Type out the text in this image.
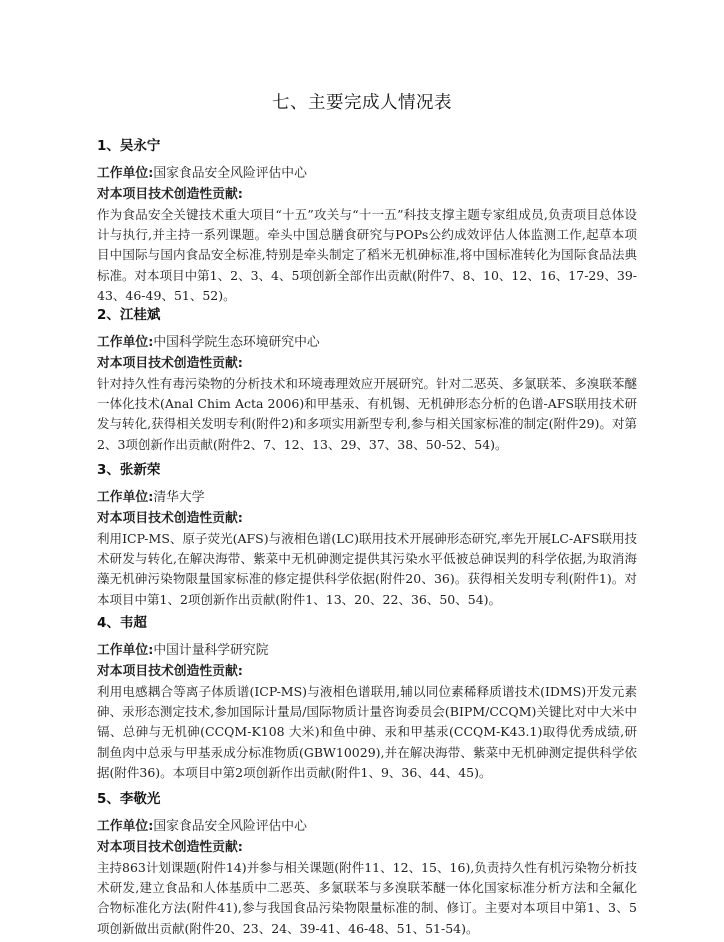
七、主要完成人情况表
1、吴永宁
工作单位:国家食品安全风险评估中心
对本项目技术创造性贡献:
作为食品安全关键技术重大项目“十五”攻关与“十一五”科技支撑主题专家组成员,负责项目总体设计与执行,并主持一系列课题。牵头中国总膳食研究与POPs公约成效评估人体监测工作,起草本项目中国际与国内食品安全标准,特别是牵头制定了稻米无机砷标准,将中国标准转化为国际食品法典标准。对本项目中第1、2、3、4、5项创新全部作出贡献(附件7、8、10、12、16、17-29、39-43、46-49、51、52)。
2、江桂斌
工作单位:中国科学院生态环境研究中心
对本项目技术创造性贡献:
针对持久性有毒污染物的分析技术和环境毒理效应开展研究。针对二恶英、多氯联苯、多溴联苯醚一体化技术(Anal Chim Acta 2006)和甲基汞、有机锡、无机砷形态分析的色谱-AFS联用技术研发与转化,获得相关发明专利(附件2)和多项实用新型专利,参与相关国家标准的制定(附件29)。对第2、3项创新作出贡献(附件2、7、12、13、29、37、38、50-52、54)。
3、张新荣
工作单位:清华大学
对本项目技术创造性贡献:
利用ICP-MS、原子荧光(AFS)与液相色谱(LC)联用技术开展砷形态研究,率先开展LC-AFS联用技术研发与转化,在解决海带、紫菜中无机砷测定提供其污染水平低被总砷误判的科学依据,为取消海藻无机砷污染物限量国家标准的修定提供科学依据(附件20、36)。获得相关发明专利(附件1)。对本项目中第1、2项创新作出贡献(附件1、13、20、22、36、50、54)。
4、韦超
工作单位:中国计量科学研究院
对本项目技术创造性贡献:
利用电感耦合等离子体质谱(ICP-MS)与液相色谱联用,辅以同位素稀释质谱技术(IDMS)开发元素砷、汞形态测定技术,参加国际计量局/国际物质计量咨询委员会(BIPM/CCQM)关键比对中大米中镉、总砷与无机砷(CCQM-K108 大米)和鱼中砷、汞和甲基汞(CCQM-K43.1)取得优秀成绩,研制鱼肉中总汞与甲基汞成分标准物质(GBW10029),并在解决海带、紫菜中无机砷测定提供科学依据(附件36)。本项目中第2项创新作出贡献(附件1、9、36、44、45)。
5、李敬光
工作单位:国家食品安全风险评估中心
对本项目技术创造性贡献:
主持863计划课题(附件14)并参与相关课题(附件11、12、15、16),负责持久性有机污染物分析技术研发,建立食品和人体基质中二恶英、多氯联苯与多溴联苯醚一体化国家标准分析方法和全氟化合物标准化方法(附件41),参与我国食品污染物限量标准的制、修订。主要对本项目中第1、3、5项创新做出贡献(附件20、23、24、39-41、46-48、51、51-54)。
